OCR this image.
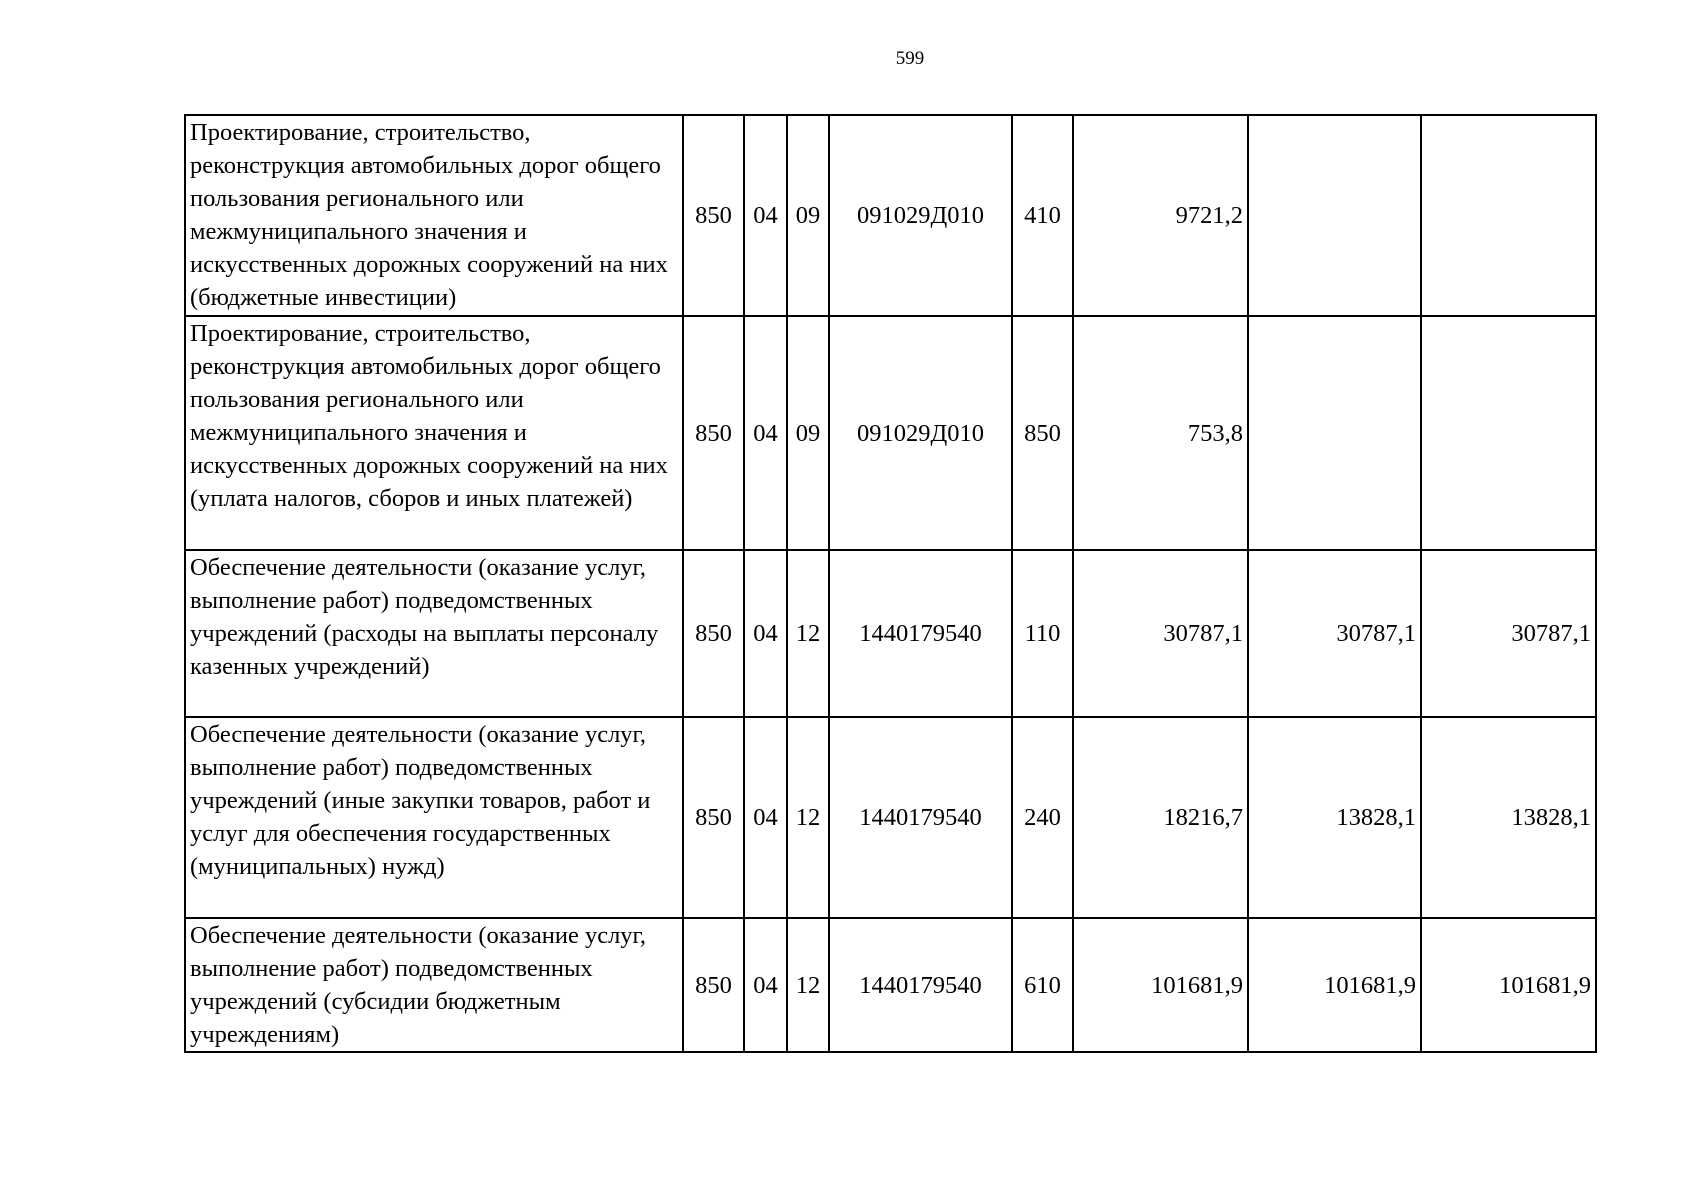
599
Проектирование, строительство, реконструкция автомобильных дорог общего пользования регионального или межмуниципального значения и искусственных дорожных сооружений на них (бюджетные инвестиции)	850	04	09	091029Д010	410	9721,2		
Проектирование, строительство, реконструкция автомобильных дорог общего пользования регионального или межмуниципального значения и искусственных дорожных сооружений на них (уплата налогов, сборов и иных платежей)	850	04	09	091029Д010	850	753,8		
Обеспечение деятельности (оказание услуг, выполнение работ) подведомственных учреждений (расходы на выплаты персоналу казенных учреждений)	850	04	12	1440179540	110	30787,1	30787,1	30787,1
Обеспечение деятельности (оказание услуг, выполнение работ) подведомственных учреждений (иные закупки товаров, работ и услуг для обеспечения государственных (муниципальных) нужд)	850	04	12	1440179540	240	18216,7	13828,1	13828,1
Обеспечение деятельности (оказание услуг, выполнение работ) подведомственных учреждений (субсидии бюджетным учреждениям)	850	04	12	1440179540	610	101681,9	101681,9	101681,9
